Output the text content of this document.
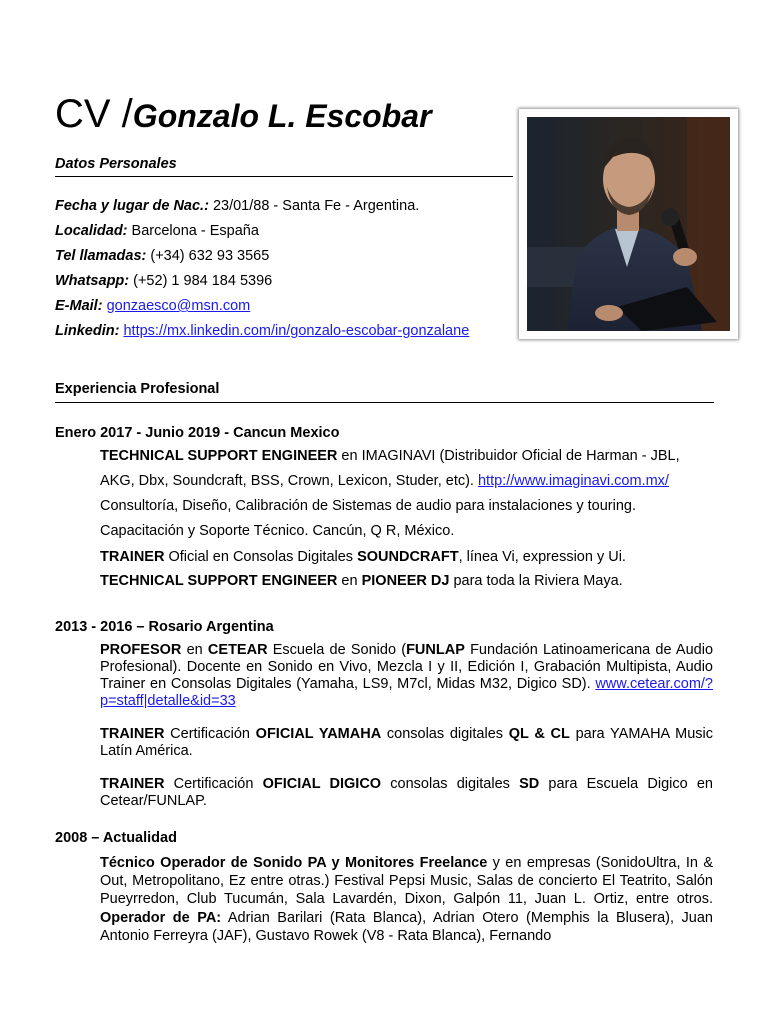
CV /Gonzalo L. Escobar
Datos Personales
Fecha y lugar de Nac.: 23/01/88 - Santa Fe - Argentina.
Localidad: Barcelona - España
Tel llamadas: (+34) 632 93 3565
Whatsapp: (+52) 1 984 184 5396
E-Mail: gonzaesco@msn.com
Linkedin: https://mx.linkedin.com/in/gonzalo-escobar-gonzalane
Experiencia Profesional
Enero 2017 - Junio 2019 - Cancun Mexico
TECHNICAL SUPPORT ENGINEER en IMAGINAVI (Distribuidor Oficial de Harman - JBL,
AKG, Dbx, Soundcraft, BSS, Crown, Lexicon, Studer, etc). http://www.imaginavi.com.mx/
Consultoría, Diseño, Calibración de Sistemas de audio para instalaciones y touring.
Capacitación y Soporte Técnico. Cancún, Q R, México.
TRAINER Oficial en Consolas Digitales SOUNDCRAFT, línea Vi, expression y Ui.
TECHNICAL SUPPORT ENGINEER en PIONEER DJ para toda la Riviera Maya.
2013 - 2016 – Rosario Argentina
PROFESOR en CETEAR Escuela de Sonido (FUNLAP Fundación Latinoamericana de Audio Profesional). Docente en Sonido en Vivo, Mezcla I y II, Edición I, Grabación Multipista, Audio Trainer en Consolas Digitales (Yamaha, LS9, M7cl, Midas M32, Digico SD). www.cetear.com/?p=staff|detalle&id=33
TRAINER Certificación OFICIAL YAMAHA consolas digitales QL & CL para YAMAHA Music Latín América.
TRAINER Certificación OFICIAL DIGICO consolas digitales SD para Escuela Digico en Cetear/FUNLAP.
2008 – Actualidad
Técnico Operador de Sonido PA y Monitores Freelance y en empresas (SonidoUltra, In & Out, Metropolitano, Ez entre otras.) Festival Pepsi Music, Salas de concierto El Teatrito, Salón Pueyrredon, Club Tucumán, Sala Lavardén, Dixon, Galpón 11, Juan L. Ortiz, entre otros. Operador de PA: Adrian Barilari (Rata Blanca), Adrian Otero (Memphis la Blusera), Juan Antonio Ferreyra (JAF), Gustavo Rowek (V8 - Rata Blanca), Fernando
